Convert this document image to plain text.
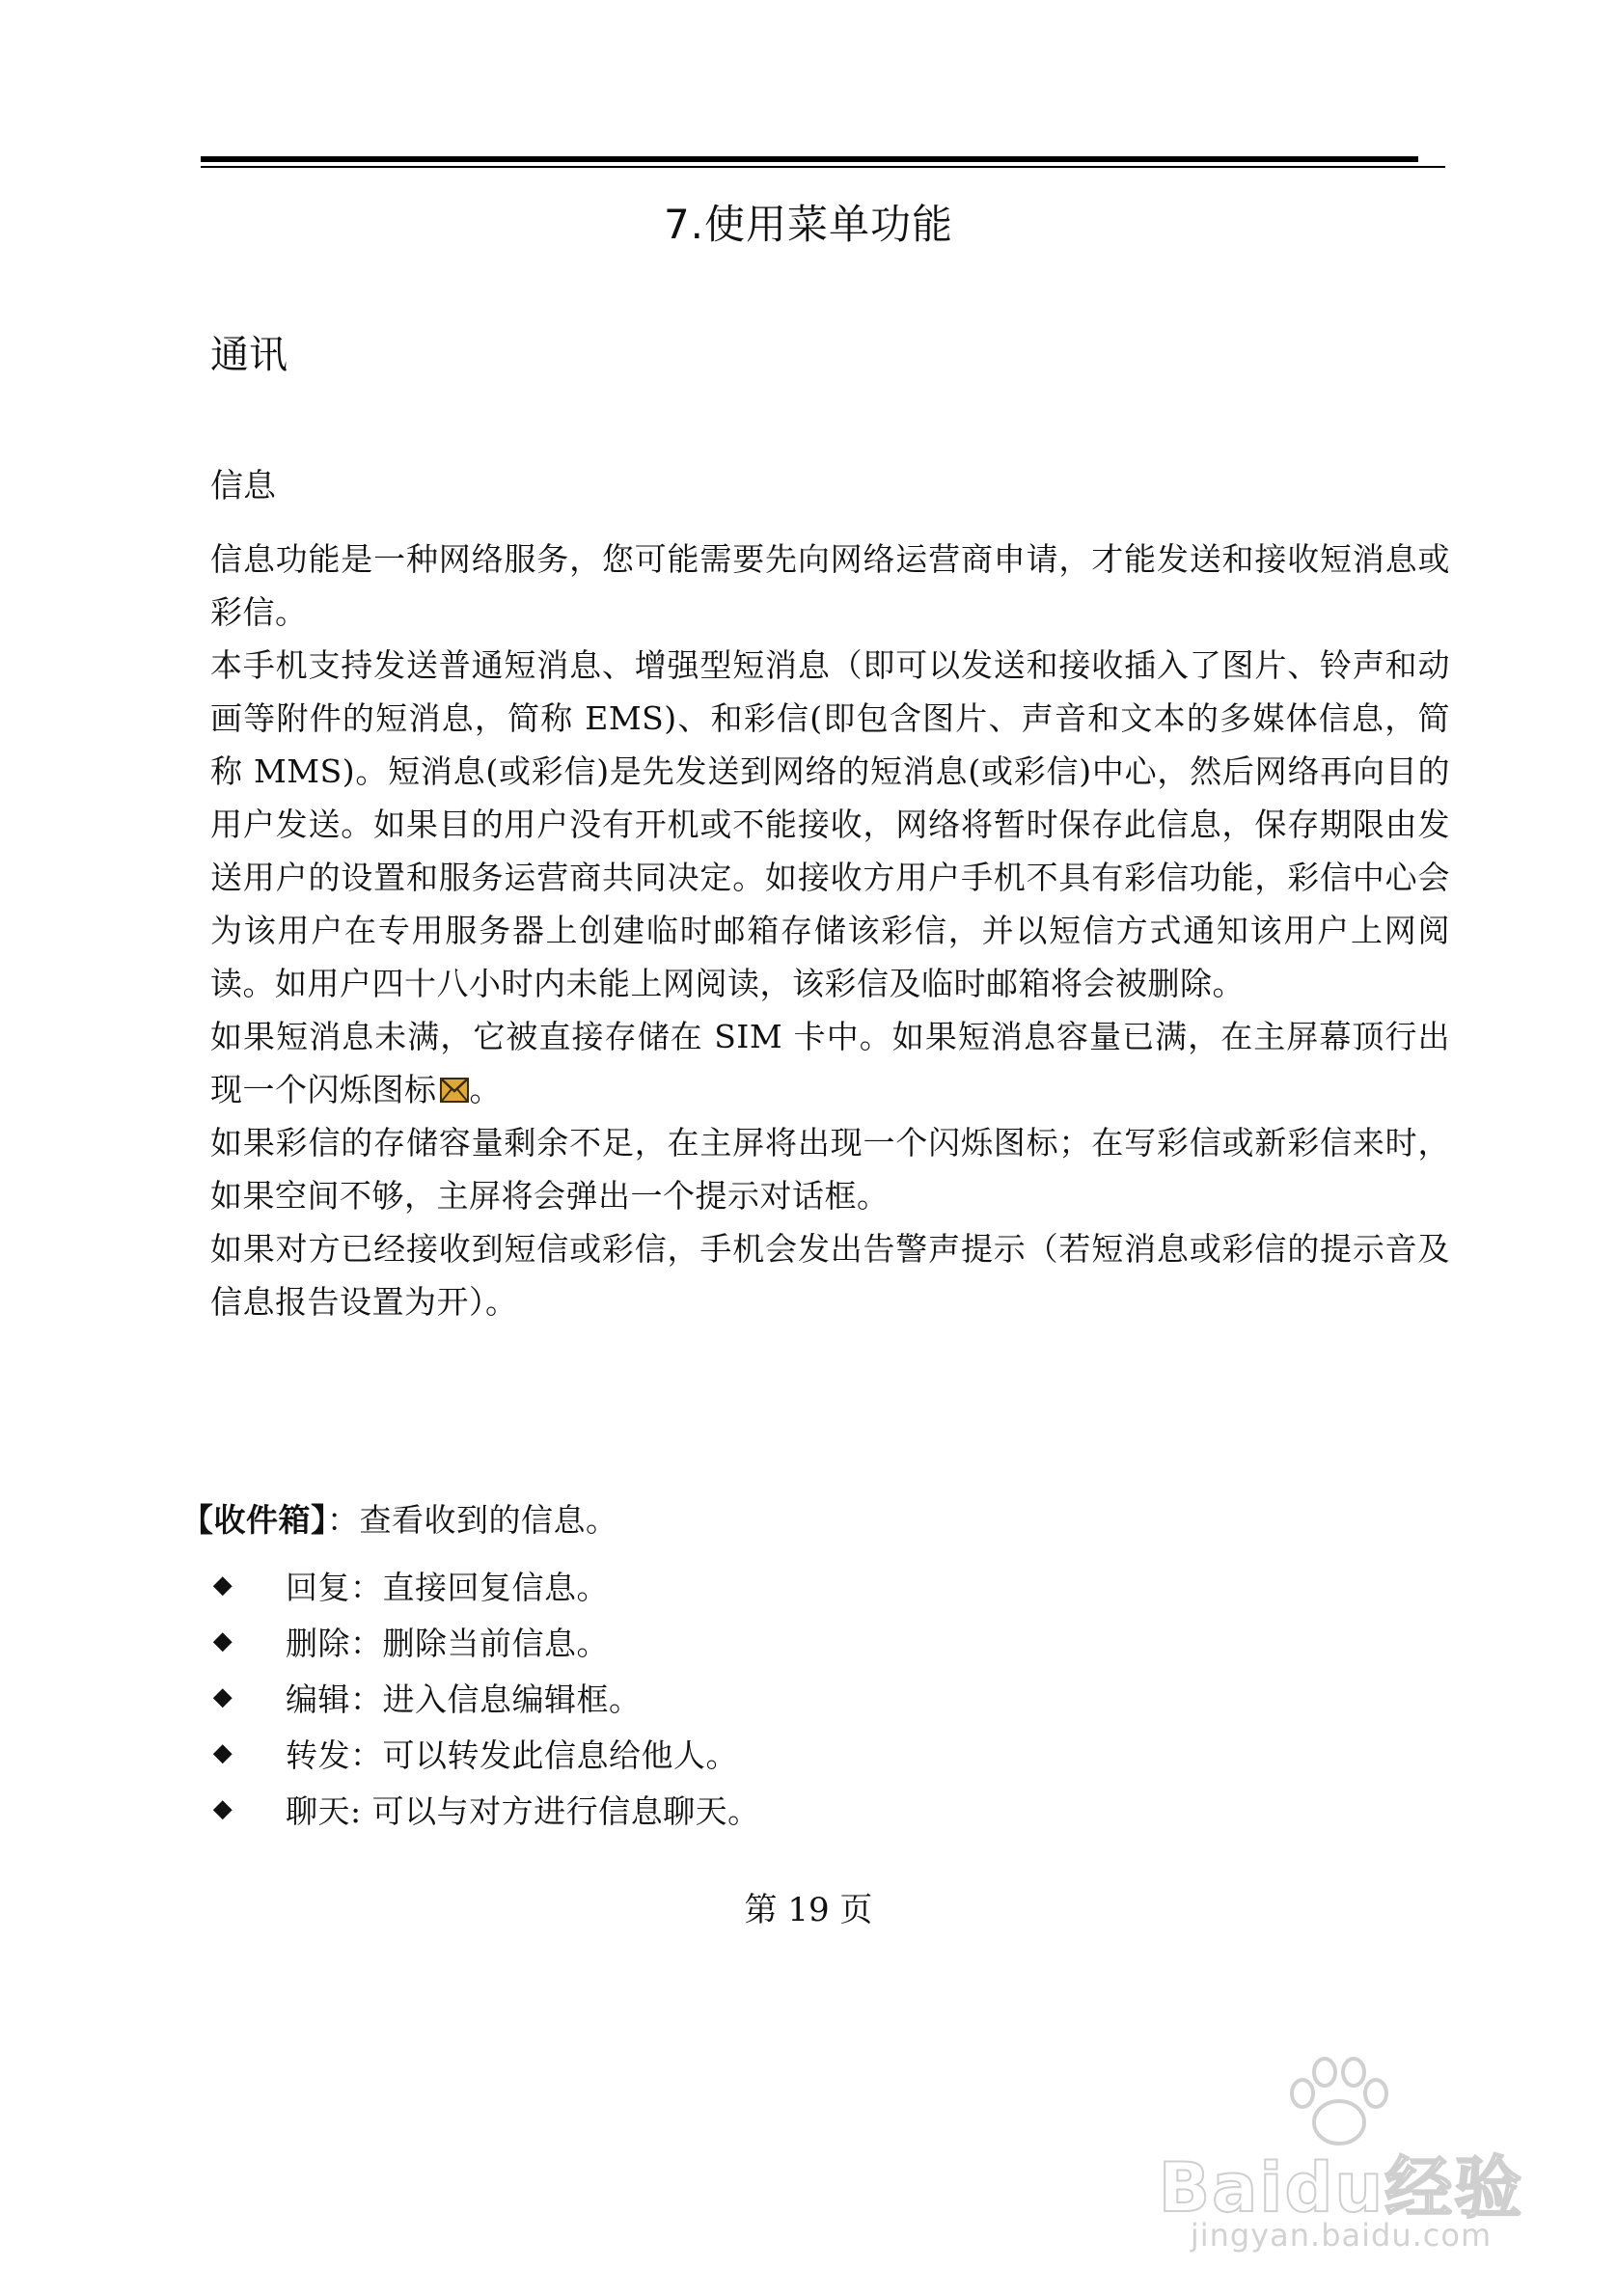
7.使用菜单功能
通讯
信息

信息功能是一种网络服务，您可能需要先向网络运营商申请，才能发送和接收短消息或彩信。

本手机支持发送普通短消息、增强型短消息（即可以发送和接收插入了图片、铃声和动画等附件的短消息，简称 EMS)、和彩信(即包含图片、声音和文本的多媒体信息，简称 MMS)。短消息(或彩信)是先发送到网络的短消息(或彩信)中心，然后网络再向目的用户发送。如果目的用户没有开机或不能接收，网络将暂时保存此信息，保存期限由发送用户的设置和服务运营商共同决定。如接收方用户手机不具有彩信功能，彩信中心会为该用户在专用服务器上创建临时邮箱存储该彩信，并以短信方式通知该用户上网阅读。如用户四十八小时内未能上网阅读，该彩信及临时邮箱将会被删除。

如果短消息未满，它被直接存储在 SIM 卡中。如果短消息容量已满，在主屏幕顶行出现一个闪烁图标 。

如果彩信的存储容量剩余不足，在主屏将出现一个闪烁图标；在写彩信或新彩信来时，如果空间不够，主屏将会弹出一个提示对话框。

如果对方已经接收到短信或彩信，手机会发出告警声提示（若短消息或彩信的提示音及信息报告设置为开）。

【收件箱】：查看收到的信息。

◆ 回复：直接回复信息。
◆ 删除：删除当前信息。
◆ 编辑：进入信息编辑框。
◆ 转发：可以转发此信息给他人。
◆ 聊天: 可以与对方进行信息聊天。

第 19 页

Baidu经验
jingyan.baidu.com
